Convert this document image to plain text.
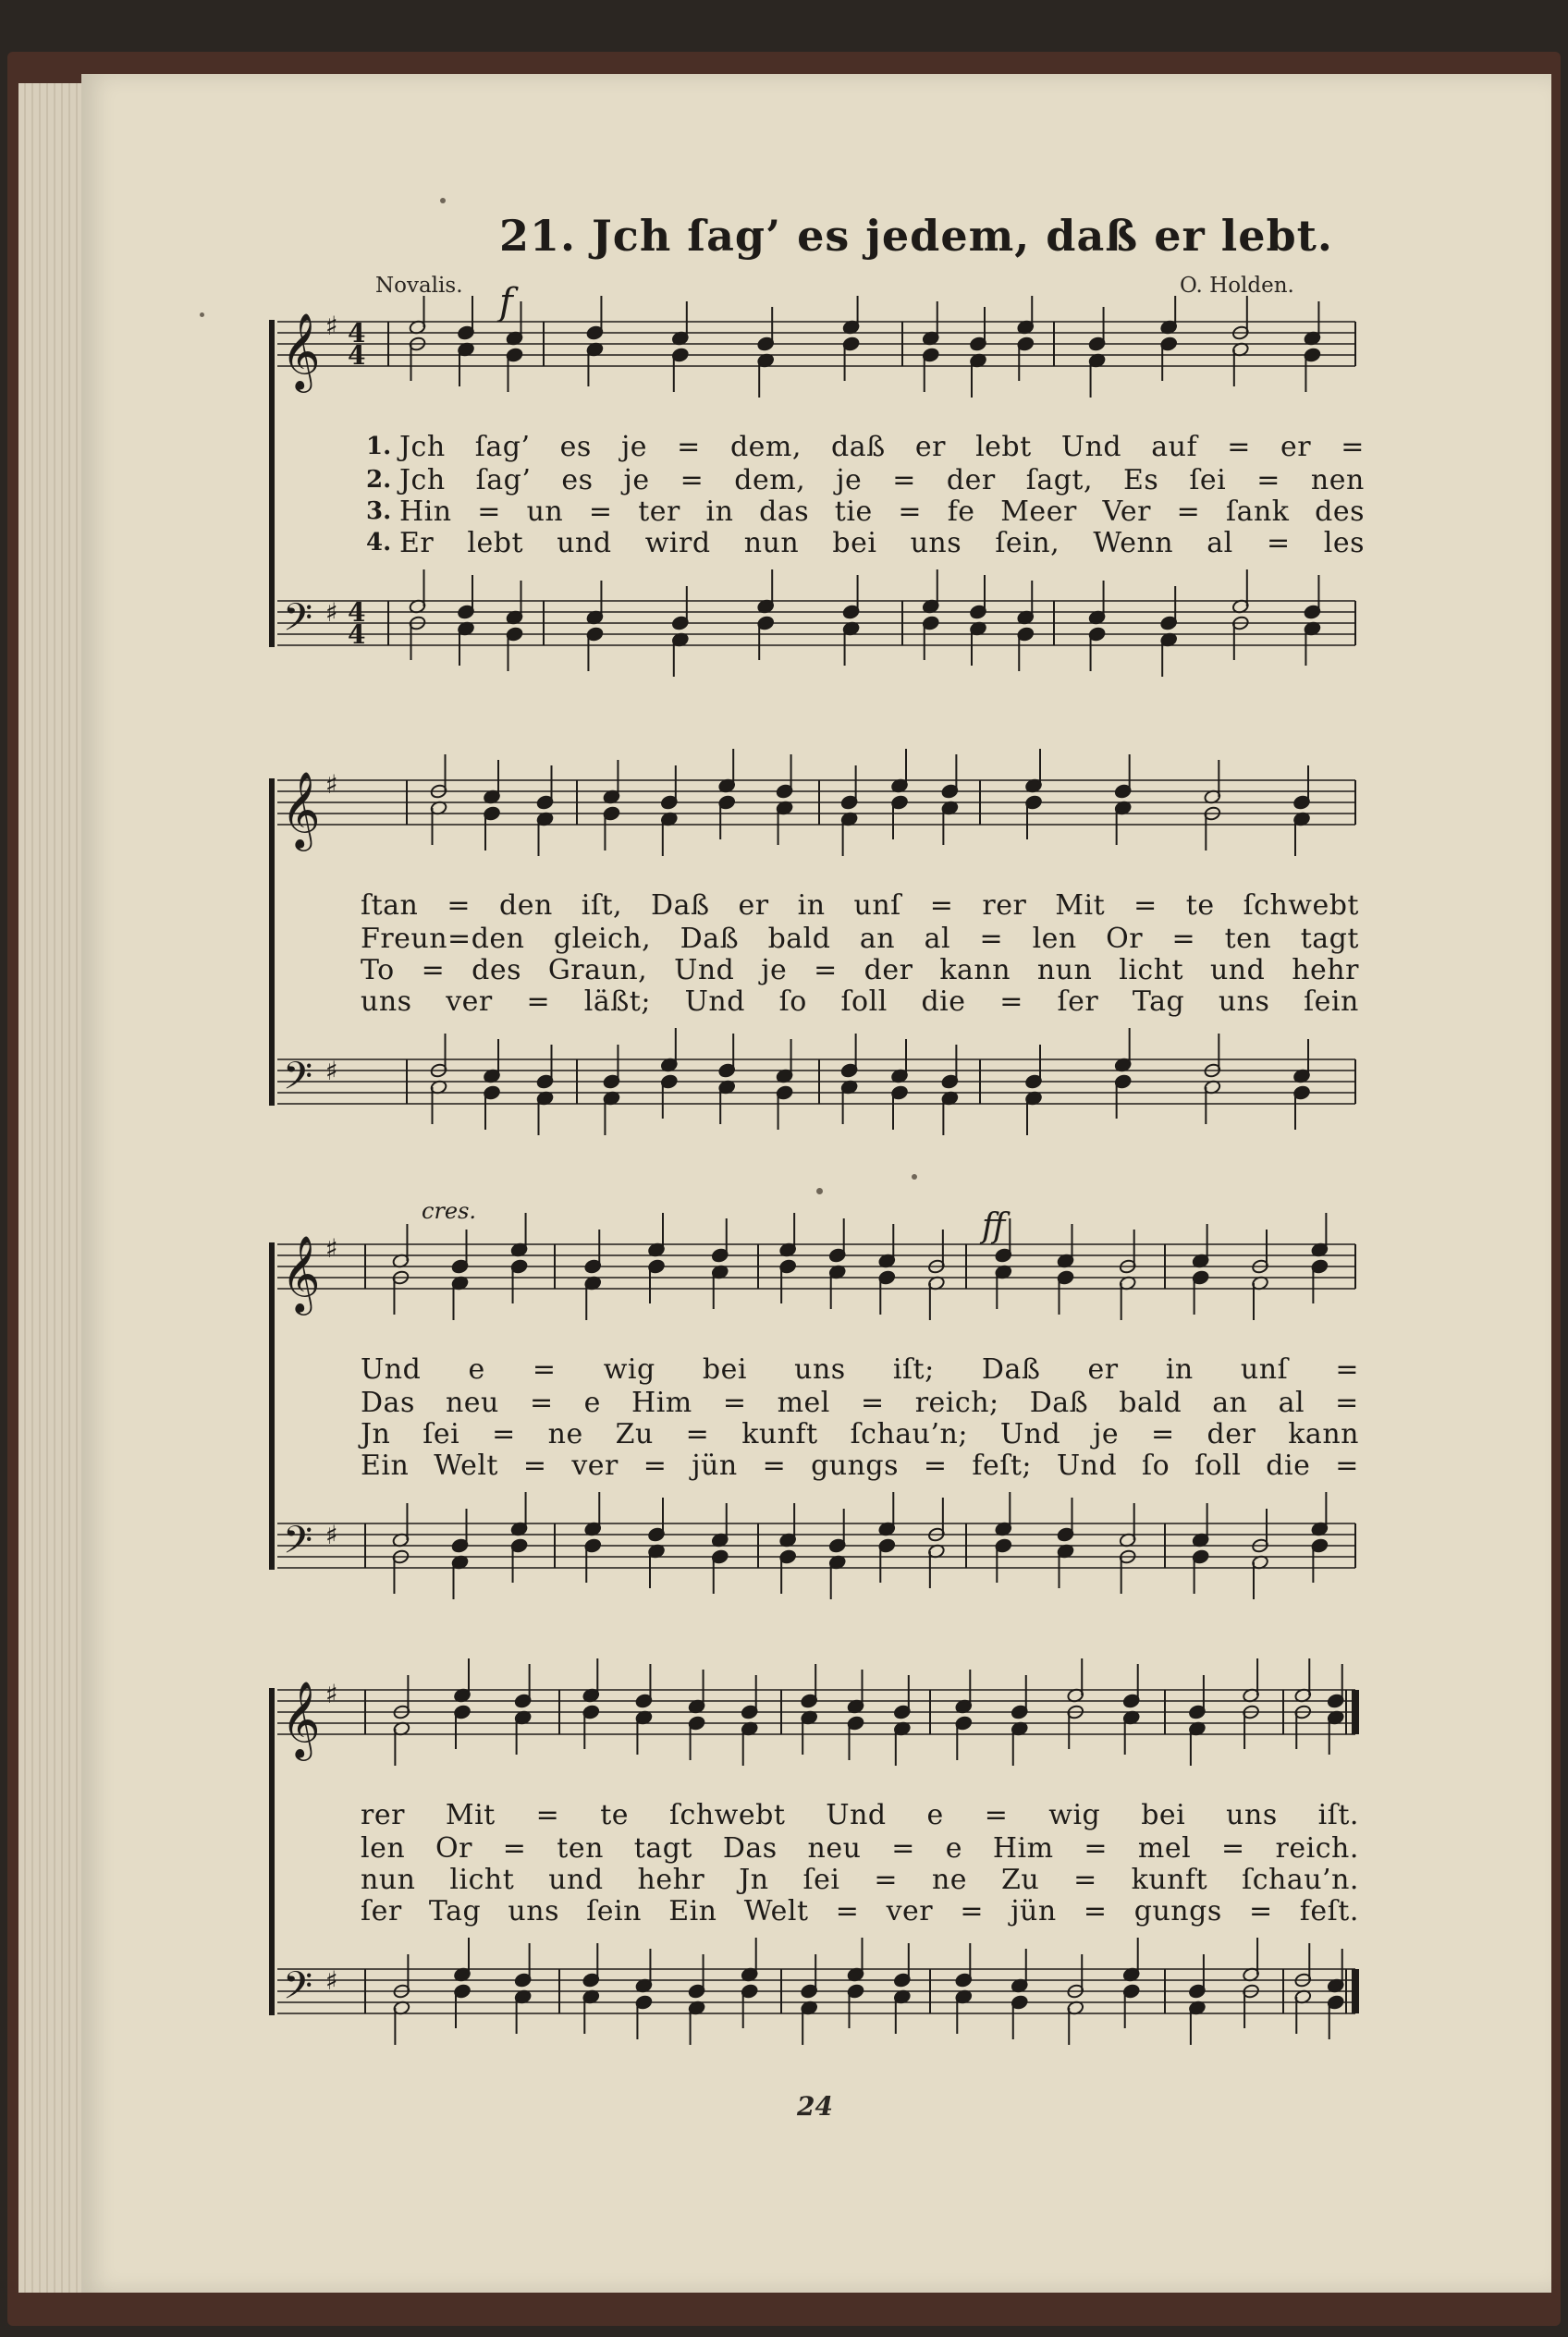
21. Jch ſag’ es jedem, daß er lebt.
Novalis.	O. Holden.
f
cres.	ff
𝄞
𝄢
♯
♯
4
4
4
4
𝄞
𝄢
♯
♯
𝄞
𝄢
♯
♯
𝄞
𝄢
♯
♯
1. Jch ſag’ es je = dem, daß er lebt Und auf = er =
2. Jch ſag’ es je = dem, je = der ſagt, Es ſei = nen
3. Hin = un = ter in das tie = fe Meer Ver = ſank des
4. Er lebt und wird nun bei uns ſein, Wenn al = les
ſtan = den iſt, Daß er in unſ = rer Mit = te ſchwebt
Freun=den gleich, Daß bald an al = len Or = ten tagt
To = des Graun, Und je = der kann nun licht und hehr
uns ver = läßt; Und ſo ſoll die = ſer Tag uns ſein
Und e = wig bei uns iſt; Daß er in unſ =
Das neu = e Him = mel = reich; Daß bald an al =
Jn ſei = ne Zu = kunft ſchau’n; Und je = der kann
Ein Welt = ver = jün = gungs = feſt; Und ſo ſoll die =
rer Mit = te ſchwebt Und e = wig bei uns iſt.
len Or = ten tagt Das neu = e Him = mel = reich.
nun licht und hehr Jn ſei = ne Zu = kunft ſchau’n.
ſer Tag uns ſein Ein Welt = ver = jün = gungs = feſt.
24
